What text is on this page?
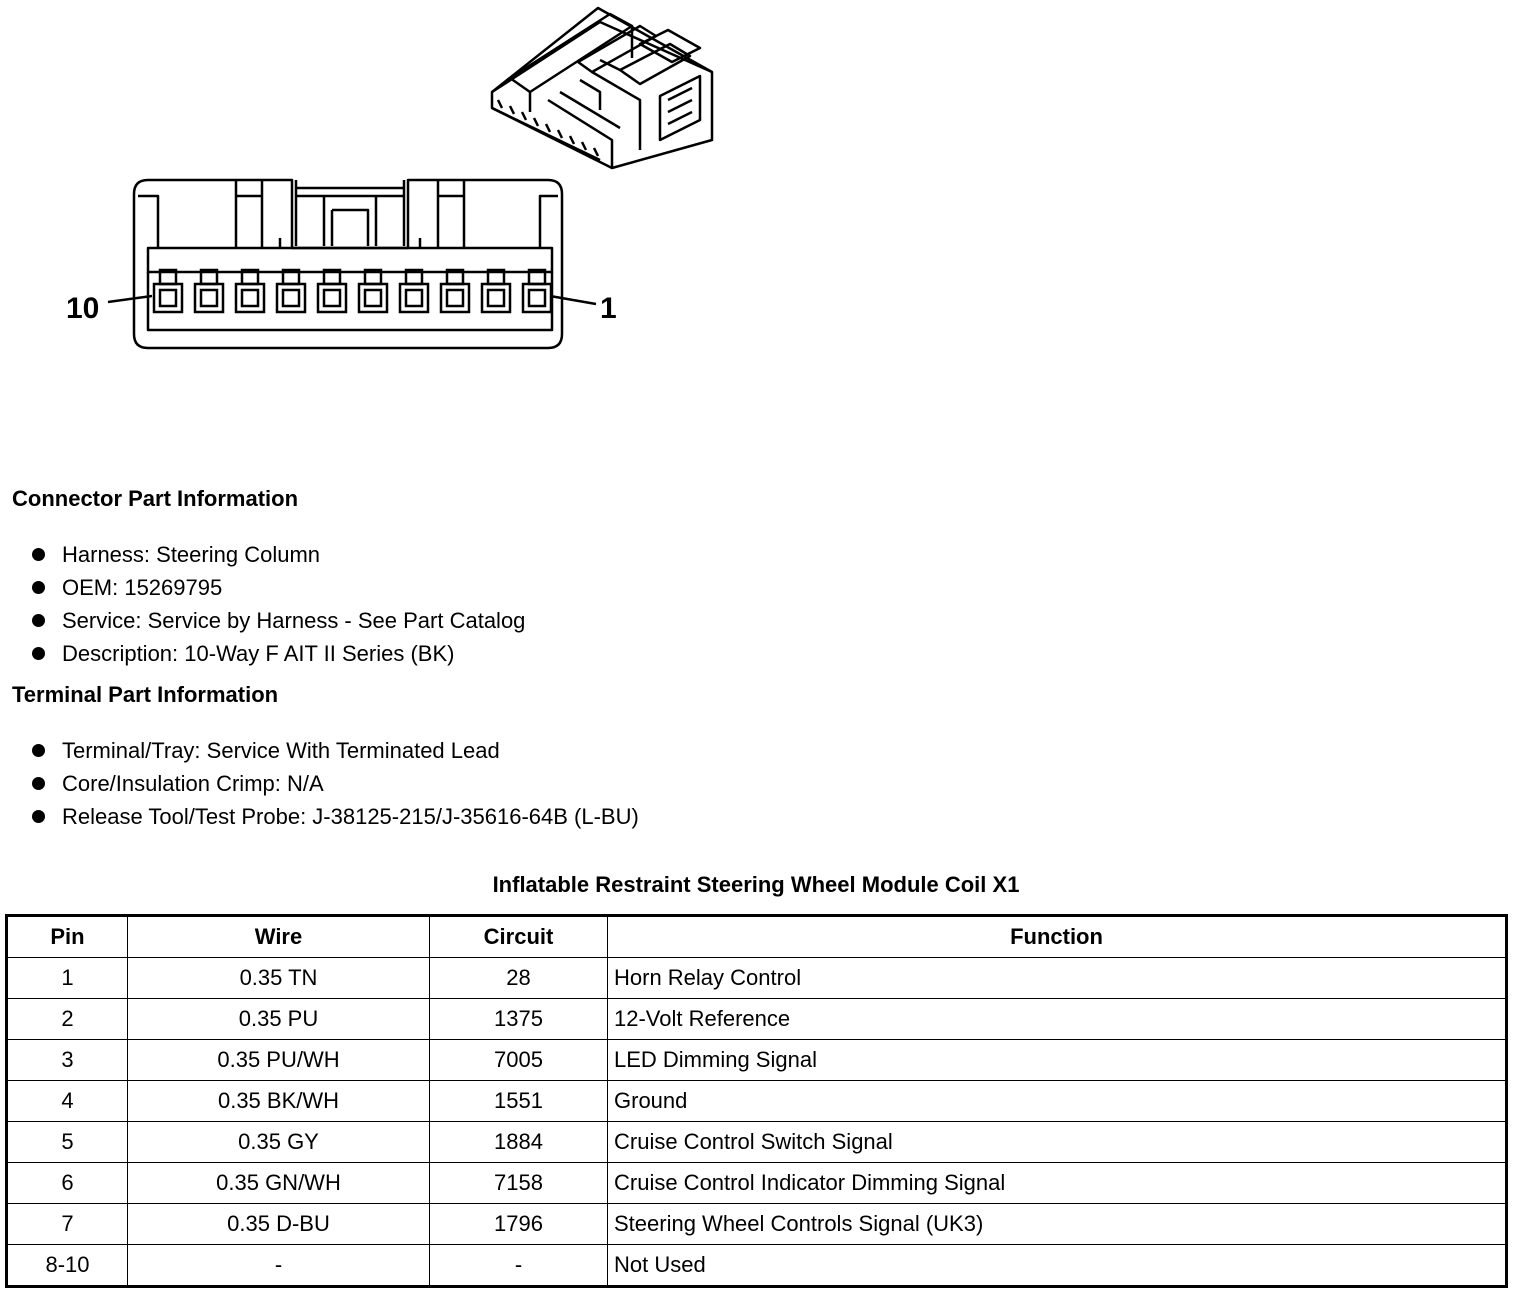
10	1
Connector Part Information
Harness: Steering Column
OEM: 15269795
Service: Service by Harness - See Part Catalog
Description: 10-Way F AIT II Series (BK)
Terminal Part Information
Terminal/Tray: Service With Terminated Lead
Core/Insulation Crimp: N/A
Release Tool/Test Probe: J-38125-215/J-35616-64B (L-BU)
Inflatable Restraint Steering Wheel Module Coil X1
Pin	Wire	Circuit	Function
1	0.35 TN	28	Horn Relay Control
2	0.35 PU	1375	12-Volt Reference
3	0.35 PU/WH	7005	LED Dimming Signal
4	0.35 BK/WH	1551	Ground
5	0.35 GY	1884	Cruise Control Switch Signal
6	0.35 GN/WH	7158	Cruise Control Indicator Dimming Signal
7	0.35 D-BU	1796	Steering Wheel Controls Signal (UK3)
8-10	-	-	Not Used
